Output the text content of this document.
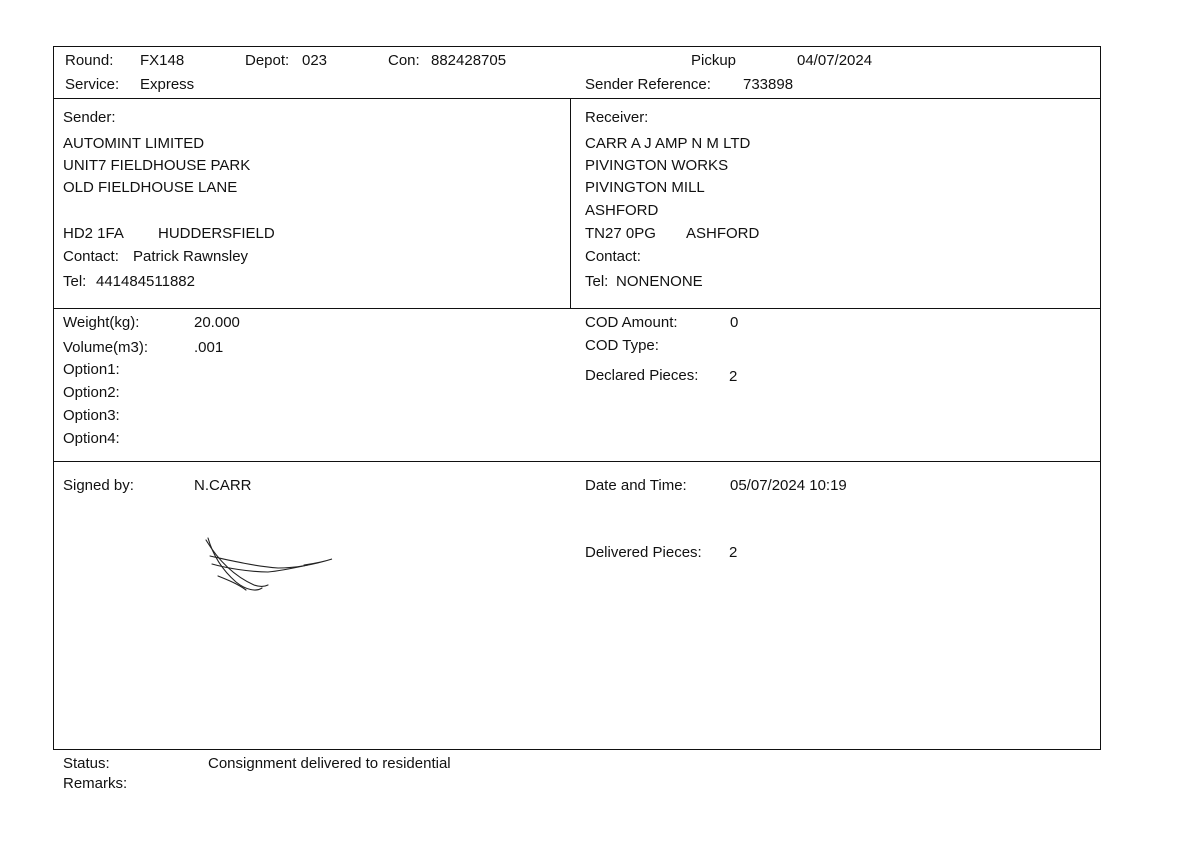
Round: FX148	Depot: 023	Con: 882428705	Pickup	04/07/2024
Service: Express	Sender Reference: 733898
Sender:
AUTOMINT LIMITED
UNIT7 FIELDHOUSE PARK
OLD FIELDHOUSE LANE
HD2 1FA HUDDERSFIELD
Contact: Patrick Rawnsley
Tel: 441484511882
Receiver:
CARR A J AMP N M LTD
PIVINGTON WORKS
PIVINGTON MILL
ASHFORD
TN27 0PG ASHFORD
Contact:
Tel: NONENONE
Weight(kg):	20.000
Volume(m3):	.001
Option1:
Option2:
Option3:
Option4:
COD Amount:	0
COD Type:
Declared Pieces: 2
Signed by:	N.CARR	Date and Time:	05/07/2024 10:19
Delivered Pieces: 2
Status:	Consignment delivered to residential
Remarks:
